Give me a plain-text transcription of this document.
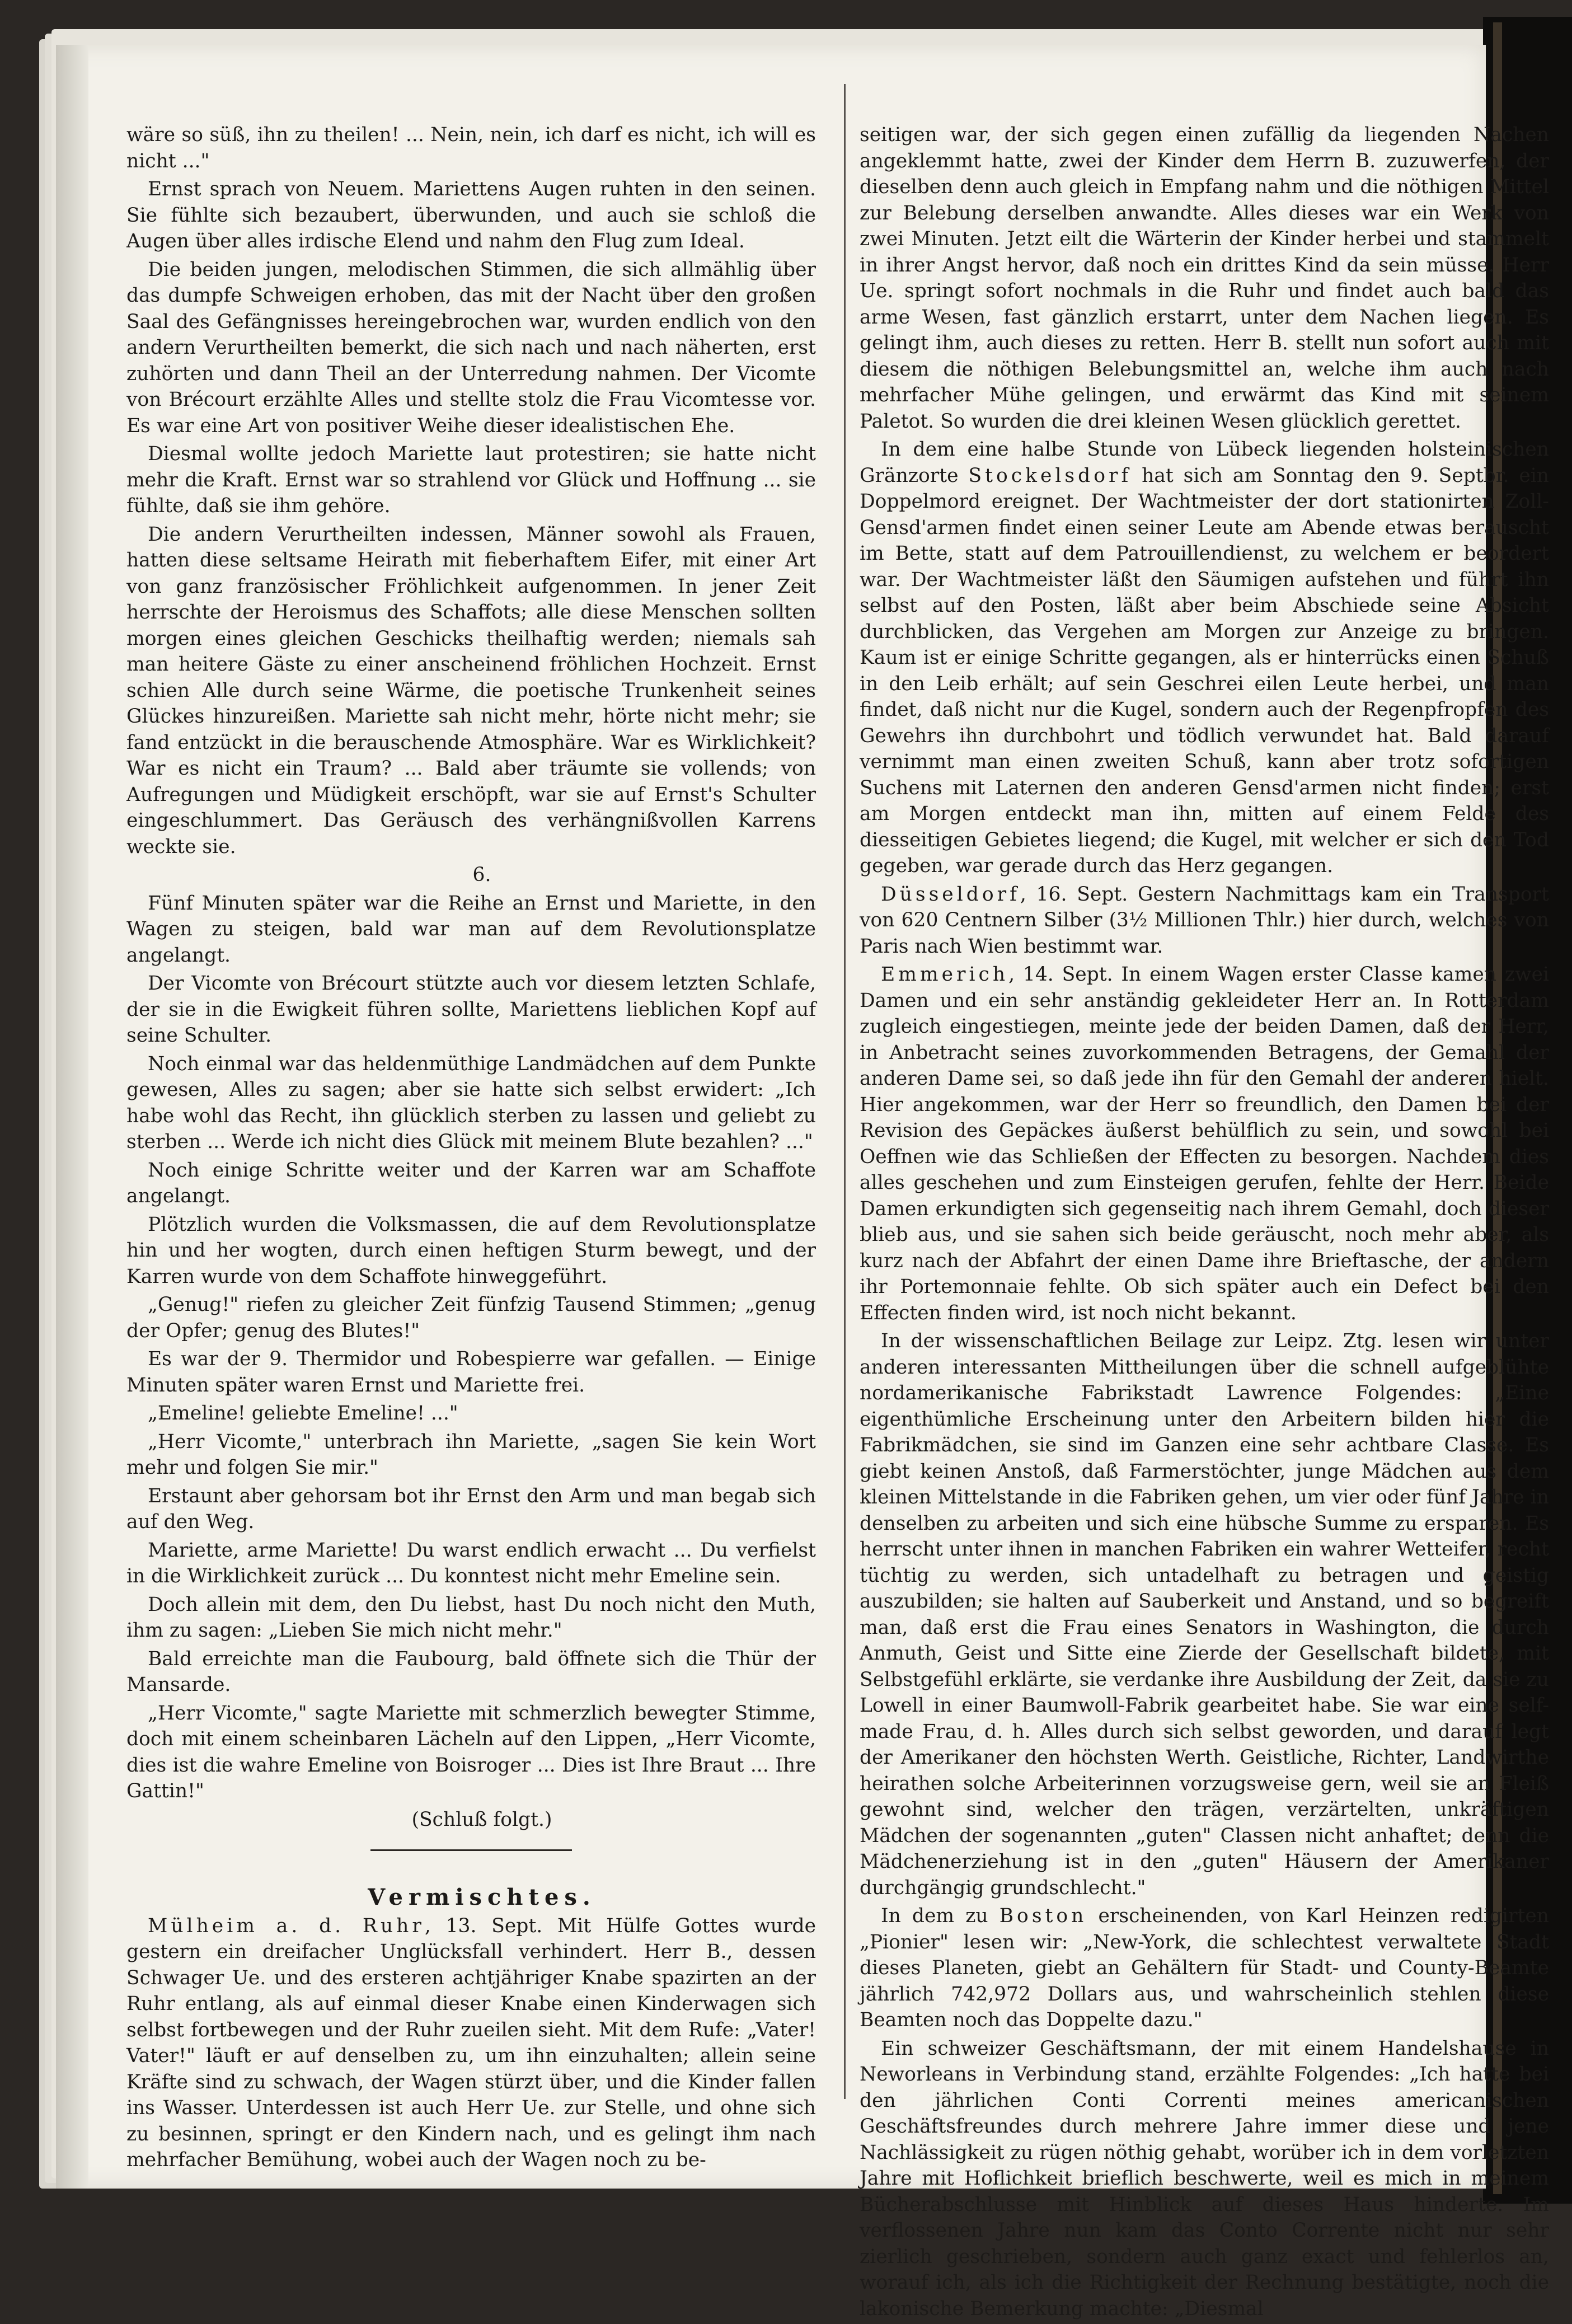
wäre so süß, ihn zu theilen! ... Nein, nein, ich darf es nicht, ich will es nicht ..."

Ernst sprach von Neuem. Mariettens Augen ruhten in den seinen. Sie fühlte sich bezaubert, überwunden, und auch sie schloß die Augen über alles irdische Elend und nahm den Flug zum Ideal.

Die beiden jungen, melodischen Stimmen, die sich allmählig über das dumpfe Schweigen erhoben, das mit der Nacht über den großen Saal des Gefängnisses hereingebrochen war, wurden endlich von den andern Verurtheilten bemerkt, die sich nach und nach näherten, erst zuhörten und dann Theil an der Unterredung nahmen. Der Vicomte von Brécourt erzählte Alles und stellte stolz die Frau Vicomtesse vor. Es war eine Art von positiver Weihe dieser idealistischen Ehe.

Diesmal wollte jedoch Mariette laut protestiren; sie hatte nicht mehr die Kraft. Ernst war so strahlend vor Glück und Hoffnung ... sie fühlte, daß sie ihm gehöre.

Die andern Verurtheilten indessen, Männer sowohl als Frauen, hatten diese seltsame Heirath mit fieberhaftem Eifer, mit einer Art von ganz französischer Fröhlichkeit aufgenommen. In jener Zeit herrschte der Heroismus des Schaffots; alle diese Menschen sollten morgen eines gleichen Geschicks theilhaftig werden; niemals sah man heitere Gäste zu einer anscheinend fröhlichen Hochzeit. Ernst schien Alle durch seine Wärme, die poetische Trunkenheit seines Glückes hinzureißen. Mariette sah nicht mehr, hörte nicht mehr; sie fand entzückt in die berauschende Atmosphäre. War es Wirklichkeit? War es nicht ein Traum? ... Bald aber träumte sie vollends; von Aufregungen und Müdigkeit erschöpft, war sie auf Ernst's Schulter eingeschlummert. Das Geräusch des verhängnißvollen Karrens weckte sie.

6.

Fünf Minuten später war die Reihe an Ernst und Mariette, in den Wagen zu steigen, bald war man auf dem Revolutionsplatze angelangt.

Der Vicomte von Brécourt stützte auch vor diesem letzten Schlafe, der sie in die Ewigkeit führen sollte, Mariettens lieblichen Kopf auf seine Schulter.

Noch einmal war das heldenmüthige Landmädchen auf dem Punkte gewesen, Alles zu sagen; aber sie hatte sich selbst erwidert: „Ich habe wohl das Recht, ihn glücklich sterben zu lassen und geliebt zu sterben ... Werde ich nicht dies Glück mit meinem Blute bezahlen? ..."

Noch einige Schritte weiter und der Karren war am Schaffote angelangt.

Plötzlich wurden die Volksmassen, die auf dem Revolutionsplatze hin und her wogten, durch einen heftigen Sturm bewegt, und der Karren wurde von dem Schaffote hinweggeführt.

„Genug!" riefen zu gleicher Zeit fünfzig Tausend Stimmen; „genug der Opfer; genug des Blutes!"

Es war der 9. Thermidor und Robespierre war gefallen. — Einige Minuten später waren Ernst und Mariette frei.

„Emeline! geliebte Emeline! ..."

„Herr Vicomte," unterbrach ihn Mariette, „sagen Sie kein Wort mehr und folgen Sie mir."

Erstaunt aber gehorsam bot ihr Ernst den Arm und man begab sich auf den Weg.

Mariette, arme Mariette! Du warst endlich erwacht ... Du verfielst in die Wirklichkeit zurück ... Du konntest nicht mehr Emeline sein.

Doch allein mit dem, den Du liebst, hast Du noch nicht den Muth, ihm zu sagen: „Lieben Sie mich nicht mehr."

Bald erreichte man die Faubourg, bald öffnete sich die Thür der Mansarde.

„Herr Vicomte," sagte Mariette mit schmerzlich bewegter Stimme, doch mit einem scheinbaren Lächeln auf den Lippen, „Herr Vicomte, dies ist die wahre Emeline von Boisroger ... Dies ist Ihre Braut ... Ihre Gattin!"

(Schluß folgt.)

Vermischtes.

Mülheim a. d. Ruhr, 13. Sept. Mit Hülfe Gottes wurde gestern ein dreifacher Unglücksfall verhindert. Herr B., dessen Schwager Ue. und des ersteren achtjähriger Knabe spazirten an der Ruhr entlang, als auf einmal dieser Knabe einen Kinderwagen sich selbst fortbewegen und der Ruhr zueilen sieht. Mit dem Rufe: „Vater! Vater!" läuft er auf denselben zu, um ihn einzuhalten; allein seine Kräfte sind zu schwach, der Wagen stürzt über, und die Kinder fallen ins Wasser. Unterdessen ist auch Herr Ue. zur Stelle, und ohne sich zu besinnen, springt er den Kindern nach, und es gelingt ihm nach mehrfacher Bemühung, wobei auch der Wagen noch zu be-

seitigen war, der sich gegen einen zufällig da liegenden Nachen angeklemmt hatte, zwei der Kinder dem Herrn B. zuzuwerfen, der dieselben denn auch gleich in Empfang nahm und die nöthigen Mittel zur Belebung derselben anwandte. Alles dieses war ein Werk von zwei Minuten. Jetzt eilt die Wärterin der Kinder herbei und stammelt in ihrer Angst hervor, daß noch ein drittes Kind da sein müsse. Herr Ue. springt sofort nochmals in die Ruhr und findet auch bald das arme Wesen, fast gänzlich erstarrt, unter dem Nachen liegen. Es gelingt ihm, auch dieses zu retten. Herr B. stellt nun sofort auch mit diesem die nöthigen Belebungsmittel an, welche ihm auch nach mehrfacher Mühe gelingen, und erwärmt das Kind mit seinem Paletot. So wurden die drei kleinen Wesen glücklich gerettet.

In dem eine halbe Stunde von Lübeck liegenden holsteinischen Gränzorte Stockelsdorf hat sich am Sonntag den 9. Septbr. ein Doppelmord ereignet. Der Wachtmeister der dort stationirten Zoll-Gensd'armen findet einen seiner Leute am Abende etwas berauscht im Bette, statt auf dem Patrouillendienst, zu welchem er beordert war. Der Wachtmeister läßt den Säumigen aufstehen und führt ihn selbst auf den Posten, läßt aber beim Abschiede seine Absicht durchblicken, das Vergehen am Morgen zur Anzeige zu bringen. Kaum ist er einige Schritte gegangen, als er hinterrücks einen Schuß in den Leib erhält; auf sein Geschrei eilen Leute herbei, und man findet, daß nicht nur die Kugel, sondern auch der Regenpfropfen des Gewehrs ihn durchbohrt und tödlich verwundet hat. Bald darauf vernimmt man einen zweiten Schuß, kann aber trotz sofortigen Suchens mit Laternen den anderen Gensd'armen nicht finden; erst am Morgen entdeckt man ihn, mitten auf einem Felde des diesseitigen Gebietes liegend; die Kugel, mit welcher er sich den Tod gegeben, war gerade durch das Herz gegangen.

Düsseldorf, 16. Sept. Gestern Nachmittags kam ein Transport von 620 Centnern Silber (3½ Millionen Thlr.) hier durch, welches von Paris nach Wien bestimmt war.

Emmerich, 14. Sept. In einem Wagen erster Classe kamen zwei Damen und ein sehr anständig gekleideter Herr an. In Rotterdam zugleich eingestiegen, meinte jede der beiden Damen, daß der Herr, in Anbetracht seines zuvorkommenden Betragens, der Gemahl der anderen Dame sei, so daß jede ihn für den Gemahl der anderen hielt. Hier angekommen, war der Herr so freundlich, den Damen bei der Revision des Gepäckes äußerst behülflich zu sein, und sowohl bei Oeffnen wie das Schließen der Effecten zu besorgen. Nachdem dies alles geschehen und zum Einsteigen gerufen, fehlte der Herr. Beide Damen erkundigten sich gegenseitig nach ihrem Gemahl, doch dieser blieb aus, und sie sahen sich beide geräuscht, noch mehr aber, als kurz nach der Abfahrt der einen Dame ihre Brieftasche, der andern ihr Portemonnaie fehlte. Ob sich später auch ein Defect bei den Effecten finden wird, ist noch nicht bekannt.

In der wissenschaftlichen Beilage zur Leipz. Ztg. lesen wir unter anderen interessanten Mittheilungen über die schnell aufgeblühte nordamerikanische Fabrikstadt Lawrence Folgendes: „Eine eigenthümliche Erscheinung unter den Arbeitern bilden hier die Fabrikmädchen, sie sind im Ganzen eine sehr achtbare Classe. Es giebt keinen Anstoß, daß Farmerstöchter, junge Mädchen aus dem kleinen Mittelstande in die Fabriken gehen, um vier oder fünf Jahre in denselben zu arbeiten und sich eine hübsche Summe zu ersparen. Es herrscht unter ihnen in manchen Fabriken ein wahrer Wetteifer, recht tüchtig zu werden, sich untadelhaft zu betragen und geistig auszubilden; sie halten auf Sauberkeit und Anstand, und so begreift man, daß erst die Frau eines Senators in Washington, die durch Anmuth, Geist und Sitte eine Zierde der Gesellschaft bildete, mit Selbstgefühl erklärte, sie verdanke ihre Ausbildung der Zeit, da sie zu Lowell in einer Baumwoll-Fabrik gearbeitet habe. Sie war eine self-made Frau, d. h. Alles durch sich selbst geworden, und darauf legt der Amerikaner den höchsten Werth. Geistliche, Richter, Landwirthe heirathen solche Arbeiterinnen vorzugsweise gern, weil sie an Fleiß gewohnt sind, welcher den trägen, verzärtelten, unkräftigen Mädchen der sogenannten „guten" Classen nicht anhaftet; denn die Mädchenerziehung ist in den „guten" Häusern der Amerikaner durchgängig grundschlecht."

In dem zu Boston erscheinenden, von Karl Heinzen redigirten „Pionier" lesen wir: „New-York, die schlechtest verwaltete Stadt dieses Planeten, giebt an Gehältern für Stadt- und County-Beamte jährlich 742,972 Dollars aus, und wahrscheinlich stehlen diese Beamten noch das Doppelte dazu."

Ein schweizer Geschäftsmann, der mit einem Handelshause in Neworleans in Verbindung stand, erzählte Folgendes: „Ich hatte bei den jährlichen Conti Correnti meines americanischen Geschäftsfreundes durch mehrere Jahre immer diese und jene Nachlässigkeit zu rügen nöthig gehabt, worüber ich in dem vorletzten Jahre mit Hoflichkeit brieflich beschwerte, weil es mich in meinem Bücherabschlusse mit Hinblick auf dieses Haus hinderte. Im verflossenen Jahre nun kam das Conto Corrente nicht nur sehr zierlich geschrieben, sondern auch ganz exact und fehlerlos an, worauf ich, als ich die Richtigkeit der Rechnung bestätigte, noch die lakonische Bemerkung machte: „Diesmal
